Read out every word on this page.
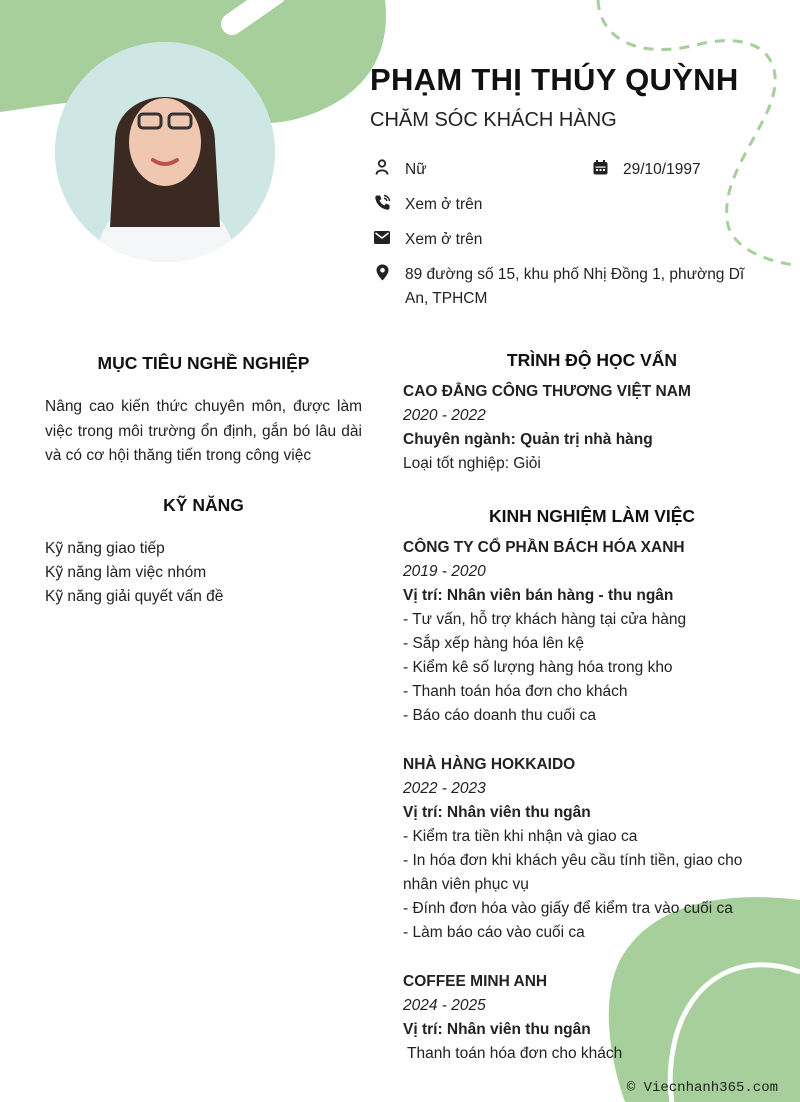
PHẠM THỊ THÚY QUỲNH
CHĂM SÓC KHÁCH HÀNG
Nữ	29/10/1997
Xem ở trên
Xem ở trên
89 đường số 15, khu phố Nhị Đồng 1, phường Dĩ An, TPHCM
MỤC TIÊU NGHỀ NGHIỆP

Nâng cao kiến thức chuyên môn, được làm việc trong môi trường ổn định, gắn bó lâu dài và có cơ hội thăng tiến trong công việc

KỸ NĂNG
Kỹ năng giao tiếp
Kỹ năng làm việc nhóm
Kỹ năng giải quyết vấn đề
TRÌNH ĐỘ HỌC VẤN
CAO ĐẲNG CÔNG THƯƠNG VIỆT NAM
2020 - 2022
Chuyên ngành: Quản trị nhà hàng
Loại tốt nghiệp: Giỏi
KINH NGHIỆM LÀM VIỆC
CÔNG TY CỔ PHẦN BÁCH HÓA XANH
2019 - 2020
Vị trí: Nhân viên bán hàng - thu ngân
- Tư vấn, hỗ trợ khách hàng tại cửa hàng
- Sắp xếp hàng hóa lên kệ
- Kiểm kê số lượng hàng hóa trong kho
- Thanh toán hóa đơn cho khách
- Báo cáo doanh thu cuối ca
NHÀ HÀNG HOKKAIDO
2022 - 2023
Vị trí: Nhân viên thu ngân
- Kiểm tra tiền khi nhận và giao ca
- In hóa đơn khi khách yêu cầu tính tiền, giao cho nhân viên phục vụ
- Đính đơn hóa vào giấy để kiểm tra vào cuối ca
- Làm báo cáo vào cuối ca
COFFEE MINH ANH
2024 - 2025
Vị trí: Nhân viên thu ngân
Thanh toán hóa đơn cho khách
© Viecnhanh365.com
